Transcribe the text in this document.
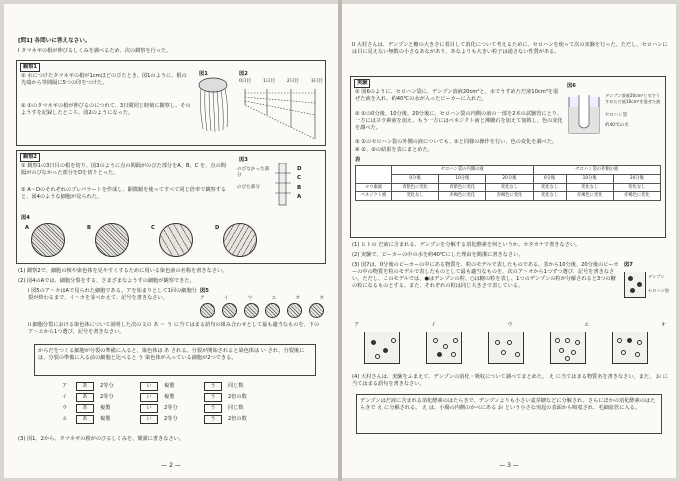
[問1] 各問いに答えなさい。
I タマネギの根が伸びるしくみを調べるため、次の観察を行った。
観察1
① 水につけたタマネギの根が1cmほどのびたとき、図1のように、根の先端から等間隔に5つの印をつけた。
② ①のタマネギの根が伸びるのにつれて、3日間同じ時刻に観察し、そのようすを記録したところ、図2のようになった。
図1	図2
0日目	1日目	2日目	3日目
観察2
① 観察1の3日目の根を切り、図3のように点の間隔がのびた部分をA、B、C を、点の間隔がのびなかった部分をDを切りとった。
② A〜Dのそれぞれのプレパラートを作成し、顕微鏡を使ってすべて同じ倍率で観察すると、図4のような細胞が見られた。
図3
のびなかった部分
のびた部分
D
C
B
A
図4
A	B	C	D
(1) 観察2で、細胞の核や染色体を見やすくするために用いる染色液の名称を書きなさい。
(2) 図4のAでは、細胞分裂をする、さまざまなようすの細胞が観察できた。
i 図5のア〜カはAで見られた細胞である。アを始まりとして1回の細胞分裂が終わるまで、イ〜カを並べかえて、記号を書きなさい。
図5
ア	イ	ウ	エ	オ	カ
ii 細胞分裂における染色体について説明した次の文の あ 〜 う に当てはまる語句の組み合わせとして最も適当なものを、下のア〜エから1つ選び、記号を書きなさい。
からだをつくる細胞が分裂の準備に入ると、染色体は あ される。分裂が開始されると染色体は い され、分裂後には、分裂の準備に入る前の細胞と比べると う 染色体が入っている細胞が2つできる。
ア	あ	2等分	い	複製	う	同じ数
イ	あ	2等分	い	複製	う	2倍の数
ウ	あ	複製	い	2等分	う	同じ数
エ	あ	複製	い	2等分	う	2倍の数
(3) 図1、2から、タマネギの根がのびるしくみを、簡潔に書きなさい。
— 2 —
II 大村さんは、デンプンと糖の大きさに着目して消化について考えるために、セロハンを使って次の実験を行った。ただし、セロハンには目に見えない無数の小さなあながあり、あなよりも大きい粒子は通さない性質がある。
実験
① 図6のように、セロハン袋に、デンプン溶液20cm³と、水でうすめただ液10cm³を混ぜた液を入れ、約40℃の水が入ったビーカーに入れた。
② ①の0分後、10分後、20分後に、セロハン袋の内側の液の一部を2本の試験管にとり、一方にはヨウ素液を加え、もう一方にはベネジクト液と沸騰石を加えて加熱し、色の変化を調べた。
③ ①のセロハン袋の外側の液についても、②と同様の操作を行い、色の変化を調べた。
④ ②、③の結果を表にまとめた。
図6
デンプン溶液20cm³と水でうすめただ液10cm³を混ぜた液
セロハン袋
約40℃の水
表
	セロハン袋の内側の液			セロハン袋の外側の液		
	0分後	10分後	20分後	0分後	10分後	20分後
ヨウ素液	青紫色に変化	青紫色に変化	変化なし	変化なし	変化なし	変化なし
ベネジクト液	変化なし	赤褐色に変化	赤褐色に変化	変化なし	赤褐色に変化	赤褐色に変化
(1) ヒトの だ液に含まれる、デンプンを分解する消化酵素を何というか。カタカナで書きなさい。
(2) 実験で、ビーカーの中の水を約40℃にした理由を簡潔に書きなさい。
(3) 図7は、0分後のビーカーの中にある物質を、粒のモデルで表したものである。表から10分後、20分後のビーカーの中の物質を粒のモデルで表したものとして最も適当なものを、次のア〜オから1つずつ選び、記号を書きなさい。ただし、このモデルでは、●はデンプンの粒、○は糖の粒を表し、1つのデンプンの粒が分解されると3つの糖の粒になるものとする。また、それぞれの粒は同じ大きさで表している。
図7
デンプン
セロハン袋
ア	イ	ウ	エ	オ
(4) 大村さんは、実験をふまえて、デンプンの消化・吸収について調べてまとめた。 え に当てはまる物質名を書きなさい。また、 お に当てはまる語句を書きなさい。
デンプンはだ液に含まれる消化酵素のはたらきで、デンプンよりも小さい麦芽糖などに分解され、さらにほかの消化酵素のはたらきで え に分解される。 え は、小腸の内側のかべにある お という小さな突起の表面から吸収され、毛細血管に入る。
— 3 —
